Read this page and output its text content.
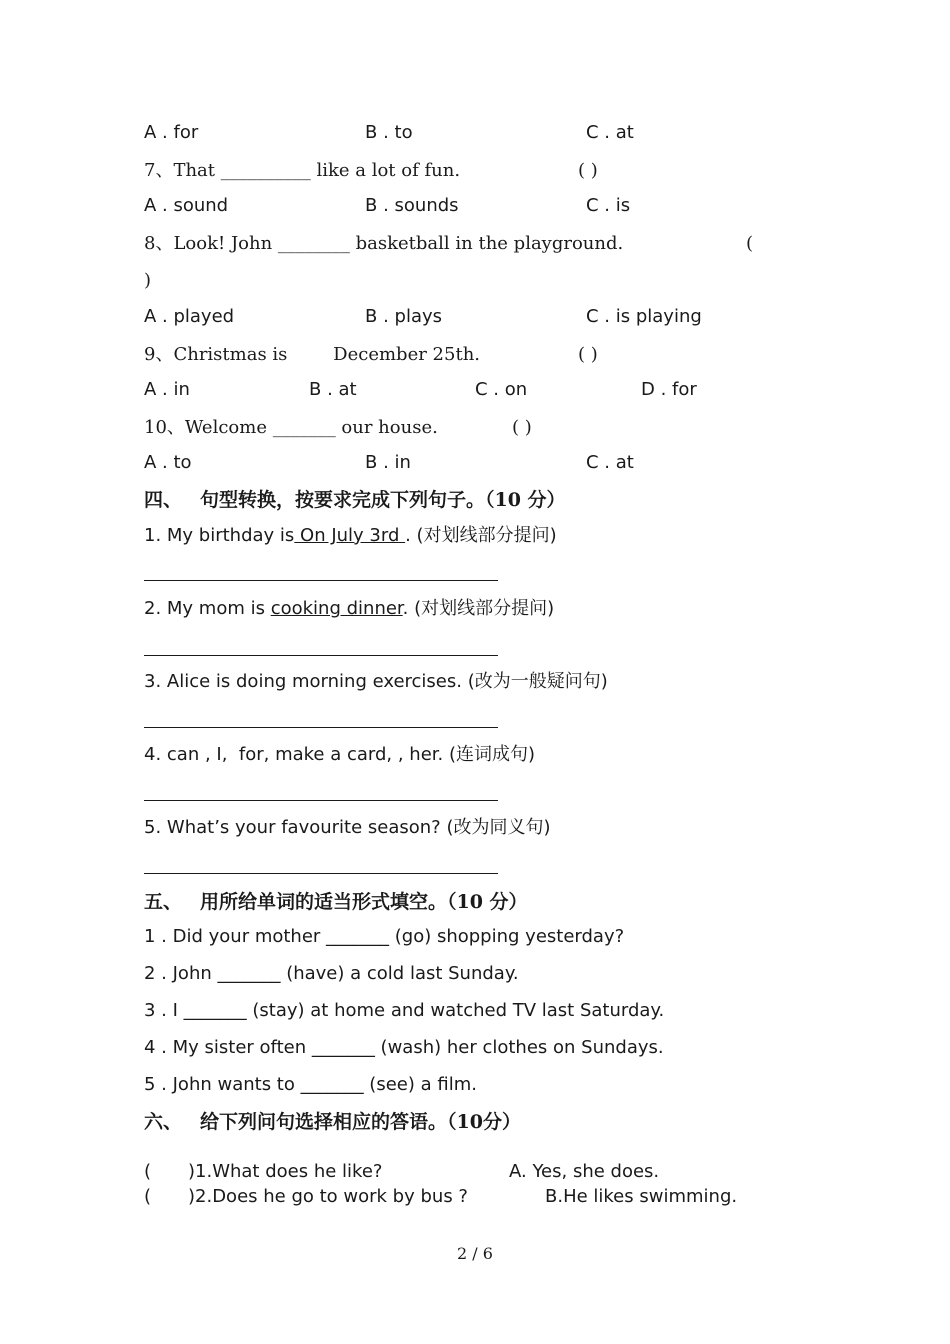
A . for	B . to	C . at
7、That __________ like a lot of fun.	( )
A . sound	B . sounds	C . is
8、Look! John ________ basketball in the playground.	(
)
A . played	B . plays	C . is playing
9、Christmas is        December 25th.	( )
A . in	B . at	C . on	D . for
10、Welcome _______ our house.	( )
A . to	B . in	C . at
四、 句型转换，按要求完成下列句子。（10 分）
1. My birthday is On July 3rd . (对划线部分提问)
2. My mom is cooking dinner. (对划线部分提问)
3. Alice is doing morning exercises. (改为一般疑问句)
4. can , I,  for, make a card, , her. (连词成句)
5. What’s your favourite season? (改为同义句)
五、 用所给单词的适当形式填空。（10 分）
1 . Did your mother _______ (go) shopping yesterday?
2 . John _______ (have) a cold last Sunday.
3 . I _______ (stay) at home and watched TV last Saturday.
4 . My sister often _______ (wash) her clothes on Sundays.
5 . John wants to _______ (see) a film.
六、 给下列问句选择相应的答语。（10分）
( )1.What does he like?	A. Yes, she does.
( )2.Does he go to work by bus ?	B.He likes swimming.
2 / 6
